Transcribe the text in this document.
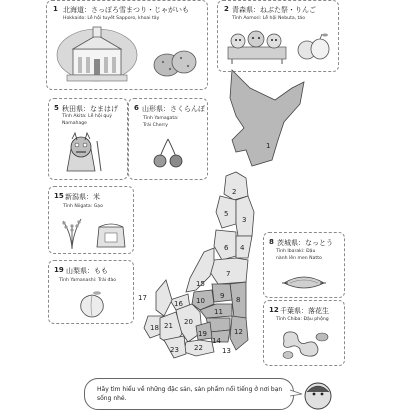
1 北海道：さっぽろ雪まつり・じゃがいも
Hokkaido: Lễ hội tuyết Sapporo, khoai tây
2 青森県：ねぶた祭・りんご
Tỉnh Aomori: Lễ hội Nebuta, táo
5 秋田県：なまはげ
Tỉnh Akita: Lễ hội quỷ
Namahage
6 山形県：さくらんぼ
Tỉnh Yamagata:
Trái Cherry
15 新潟県：米
Tỉnh Niigata: Gạo
19 山梨県：もも
Tỉnh Yamanashi: Trái đào
8 茨城県：なっとう
Tỉnh Ibaraki: Đậu
nành lên men Natto
12 千葉県：落花生
Tỉnh Chiba: Đậu phộng
1
2
3
4
5
6
7
8
9
10
11
12
13
14
15
16
17
18
19
20
21
22
23
Hãy tìm hiểu về những đặc sản, sản phẩm nổi tiếng ở nơi bạn
sống nhé.
